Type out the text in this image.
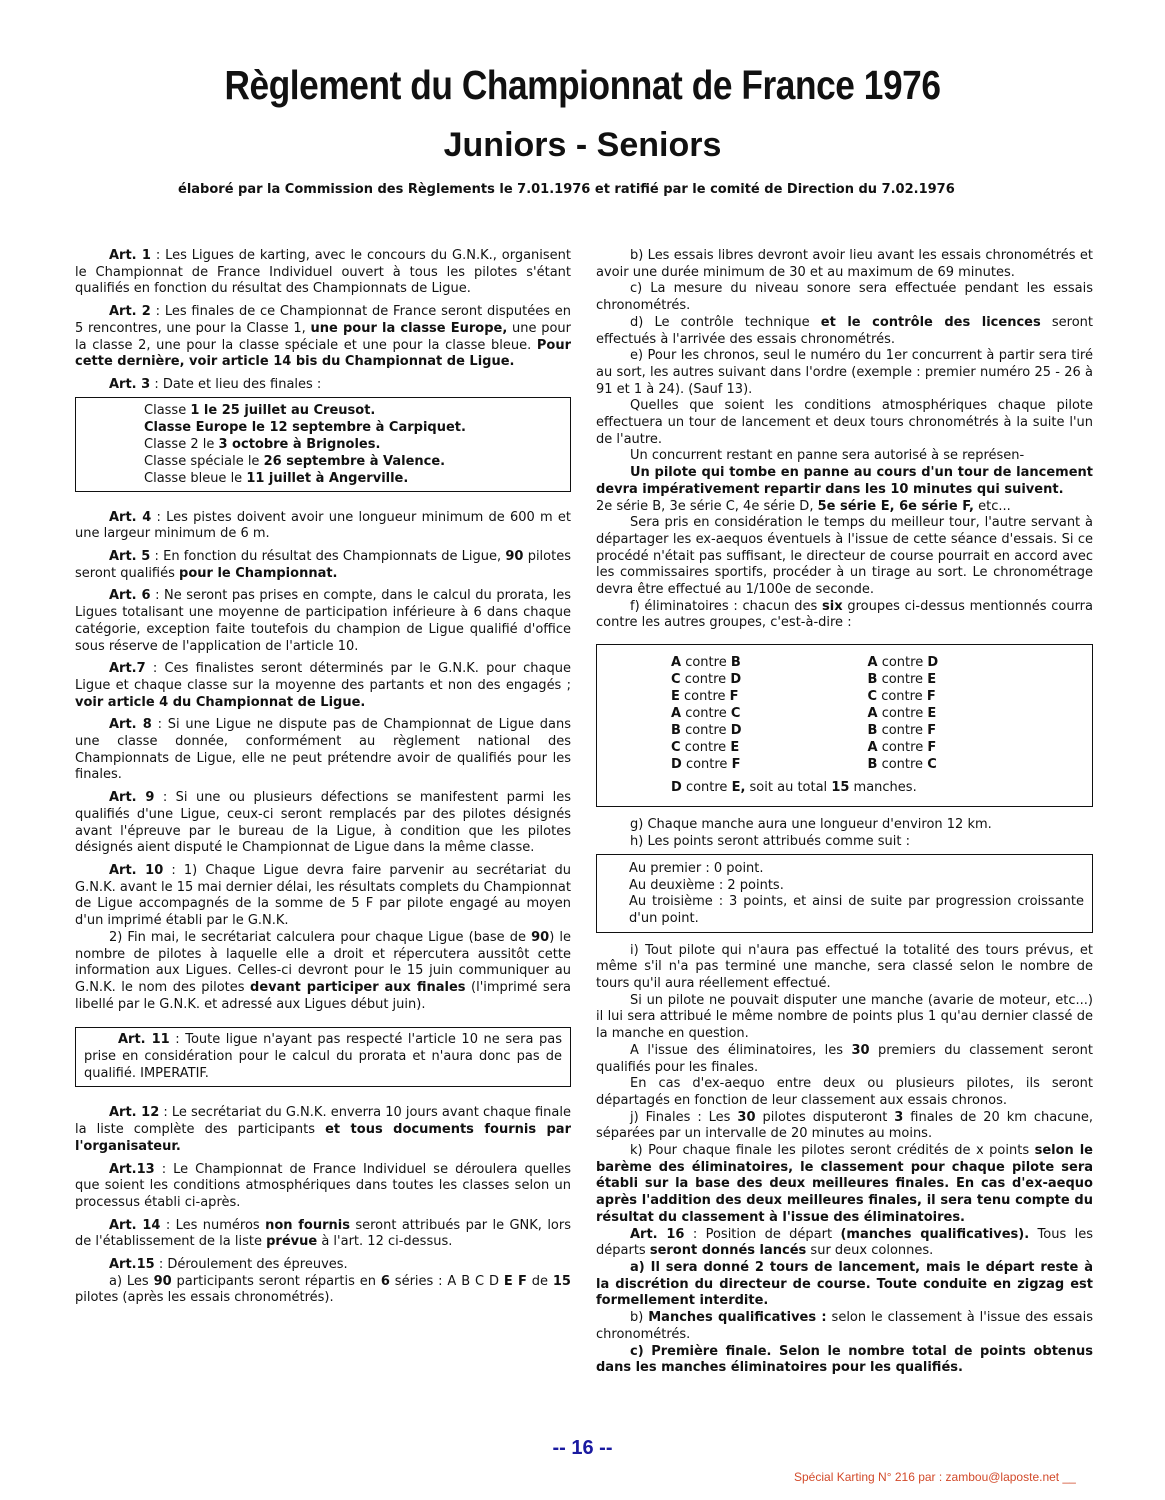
Règlement du Championnat de France 1976
Juniors - Seniors
élaboré par la Commission des Règlements le 7.01.1976 et ratifié par le comité de Direction du 7.02.1976

Art. 1 : Les Ligues de karting, avec le concours du G.N.K., organisent le Championnat de France Individuel ouvert à tous les pilotes s'étant qualifiés en fonction du résultat des Championnats de Ligue.

Art. 2 : Les finales de ce Championnat de France seront disputées en 5 rencontres, une pour la Classe 1, une pour la classe Europe, une pour la classe 2, une pour la classe spéciale et une pour la classe bleue. Pour cette dernière, voir article 14 bis du Championnat de Ligue.

Art. 3 : Date et lieu des finales :

Classe 1 le 25 juillet au Creusot.
Classe Europe le 12 septembre à Carpiquet.
Classe 2 le 3 octobre à Brignoles.
Classe spéciale le 26 septembre à Valence.
Classe bleue le 11 juillet à Angerville.

Art. 4 : Les pistes doivent avoir une longueur minimum de 600 m et une largeur minimum de 6 m.

Art. 5 : En fonction du résultat des Championnats de Ligue, 90 pilotes seront qualifiés pour le Championnat.

Art. 6 : Ne seront pas prises en compte, dans le calcul du prorata, les Ligues totalisant une moyenne de participation inférieure à 6 dans chaque catégorie, exception faite toutefois du champion de Ligue qualifié d'office sous réserve de l'application de l'article 10.

Art.7 : Ces finalistes seront déterminés par le G.N.K. pour chaque Ligue et chaque classe sur la moyenne des partants et non des engagés ; voir article 4 du Championnat de Ligue.

Art. 8 : Si une Ligue ne dispute pas de Championnat de Ligue dans une classe donnée, conformément au règlement national des Championnats de Ligue, elle ne peut prétendre avoir de qualifiés pour les finales.

Art. 9 : Si une ou plusieurs défections se manifestent parmi les qualifiés d'une Ligue, ceux-ci seront remplacés par des pilotes désignés avant l'épreuve par le bureau de la Ligue, à condition que les pilotes désignés aient disputé le Championnat de Ligue dans la même classe.

Art. 10 : 1) Chaque Ligue devra faire parvenir au secrétariat du G.N.K. avant le 15 mai dernier délai, les résultats complets du Championnat de Ligue accompagnés de la somme de 5 F par pilote engagé au moyen d'un imprimé établi par le G.N.K.

2) Fin mai, le secrétariat calculera pour chaque Ligue (base de 90) le nombre de pilotes à laquelle elle a droit et répercutera aussitôt cette information aux Ligues. Celles-ci devront pour le 15 juin communiquer au G.N.K. le nom des pilotes devant participer aux finales (l'imprimé sera libellé par le G.N.K. et adressé aux Ligues début juin).

Art. 11 : Toute ligue n'ayant pas respecté l'article 10 ne sera pas prise en considération pour le calcul du prorata et n'aura donc pas de qualifié. IMPERATIF.

Art. 12 : Le secrétariat du G.N.K. enverra 10 jours avant chaque finale la liste complète des participants et tous documents fournis par l'organisateur.

Art.13 : Le Championnat de France Individuel se déroulera quelles que soient les conditions atmosphériques dans toutes les classes selon un processus établi ci-après.

Art. 14 : Les numéros non fournis seront attribués par le GNK, lors de l'établissement de la liste prévue à l'art. 12 ci-dessus.

Art.15 : Déroulement des épreuves.

a) Les 90 participants seront répartis en 6 séries : A B C D E F de 15 pilotes (après les essais chronométrés).

b) Les essais libres devront avoir lieu avant les essais chronométrés et avoir une durée minimum de 30 et au maximum de 69 minutes.

c) La mesure du niveau sonore sera effectuée pendant les essais chronométrés.

d) Le contrôle technique et le contrôle des licences seront effectués à l'arrivée des essais chronométrés.

e) Pour les chronos, seul le numéro du 1er concurrent à partir sera tiré au sort, les autres suivant dans l'ordre (exemple : premier numéro 25 - 26 à 91 et 1 à 24). (Sauf 13).

Quelles que soient les conditions atmosphériques chaque pilote effectuera un tour de lancement et deux tours chronométrés à la suite l'un de l'autre.

Un concurrent restant en panne sera autorisé à se représen-

Un pilote qui tombe en panne au cours d'un tour de lancement devra impérativement repartir dans les 10 minutes qui suivent.

2e série B, 3e série C, 4e série D, 5e série E, 6e série F, etc...

Sera pris en considération le temps du meilleur tour, l'autre servant à départager les ex-aequos éventuels à l'issue de cette séance d'essais. Si ce procédé n'était pas suffisant, le directeur de course pourrait en accord avec les commissaires sportifs, procéder à un tirage au sort. Le chronométrage devra être effectué au 1/100e de seconde.

f) éliminatoires : chacun des six groupes ci-dessus mentionnés courra contre les autres groupes, c'est-à-dire :

A contre B	A contre D
C contre D	B contre E
E contre F	C contre F
A contre C	A contre E
B contre D	B contre F
C contre E	A contre F
D contre F	B contre C
D contre E, soit au total 15 manches.

g) Chaque manche aura une longueur d'environ 12 km.

h) Les points seront attribués comme suit :

Au premier : 0 point.
Au deuxième : 2 points.
Au troisième : 3 points, et ainsi de suite par progression croissante d'un point.

i) Tout pilote qui n'aura pas effectué la totalité des tours prévus, et même s'il n'a pas terminé une manche, sera classé selon le nombre de tours qu'il aura réellement effectué.

Si un pilote ne pouvait disputer une manche (avarie de moteur, etc...) il lui sera attribué le même nombre de points plus 1 qu'au dernier classé de la manche en question.

A l'issue des éliminatoires, les 30 premiers du classement seront qualifiés pour les finales.

En cas d'ex-aequo entre deux ou plusieurs pilotes, ils seront départagés en fonction de leur classement aux essais chronos.

j) Finales : Les 30 pilotes disputeront 3 finales de 20 km chacune, séparées par un intervalle de 20 minutes au moins.

k) Pour chaque finale les pilotes seront crédités de x points selon le barème des éliminatoires, le classement pour chaque pilote sera établi sur la base des deux meilleures finales. En cas d'ex-aequo après l'addition des deux meilleures finales, il sera tenu compte du résultat du classement à l'issue des éliminatoires.

Art. 16 : Position de départ (manches qualificatives). Tous les départs seront donnés lancés sur deux colonnes.

a) Il sera donné 2 tours de lancement, mais le départ reste à la discrétion du directeur de course. Toute conduite en zigzag est formellement interdite.

b) Manches qualificatives : selon le classement à l'issue des essais chronométrés.

c) Première finale. Selon le nombre total de points obtenus dans les manches éliminatoires pour les qualifiés.

-- 16 --
Spécial Karting N° 216 par : zambou@laposte.net __
